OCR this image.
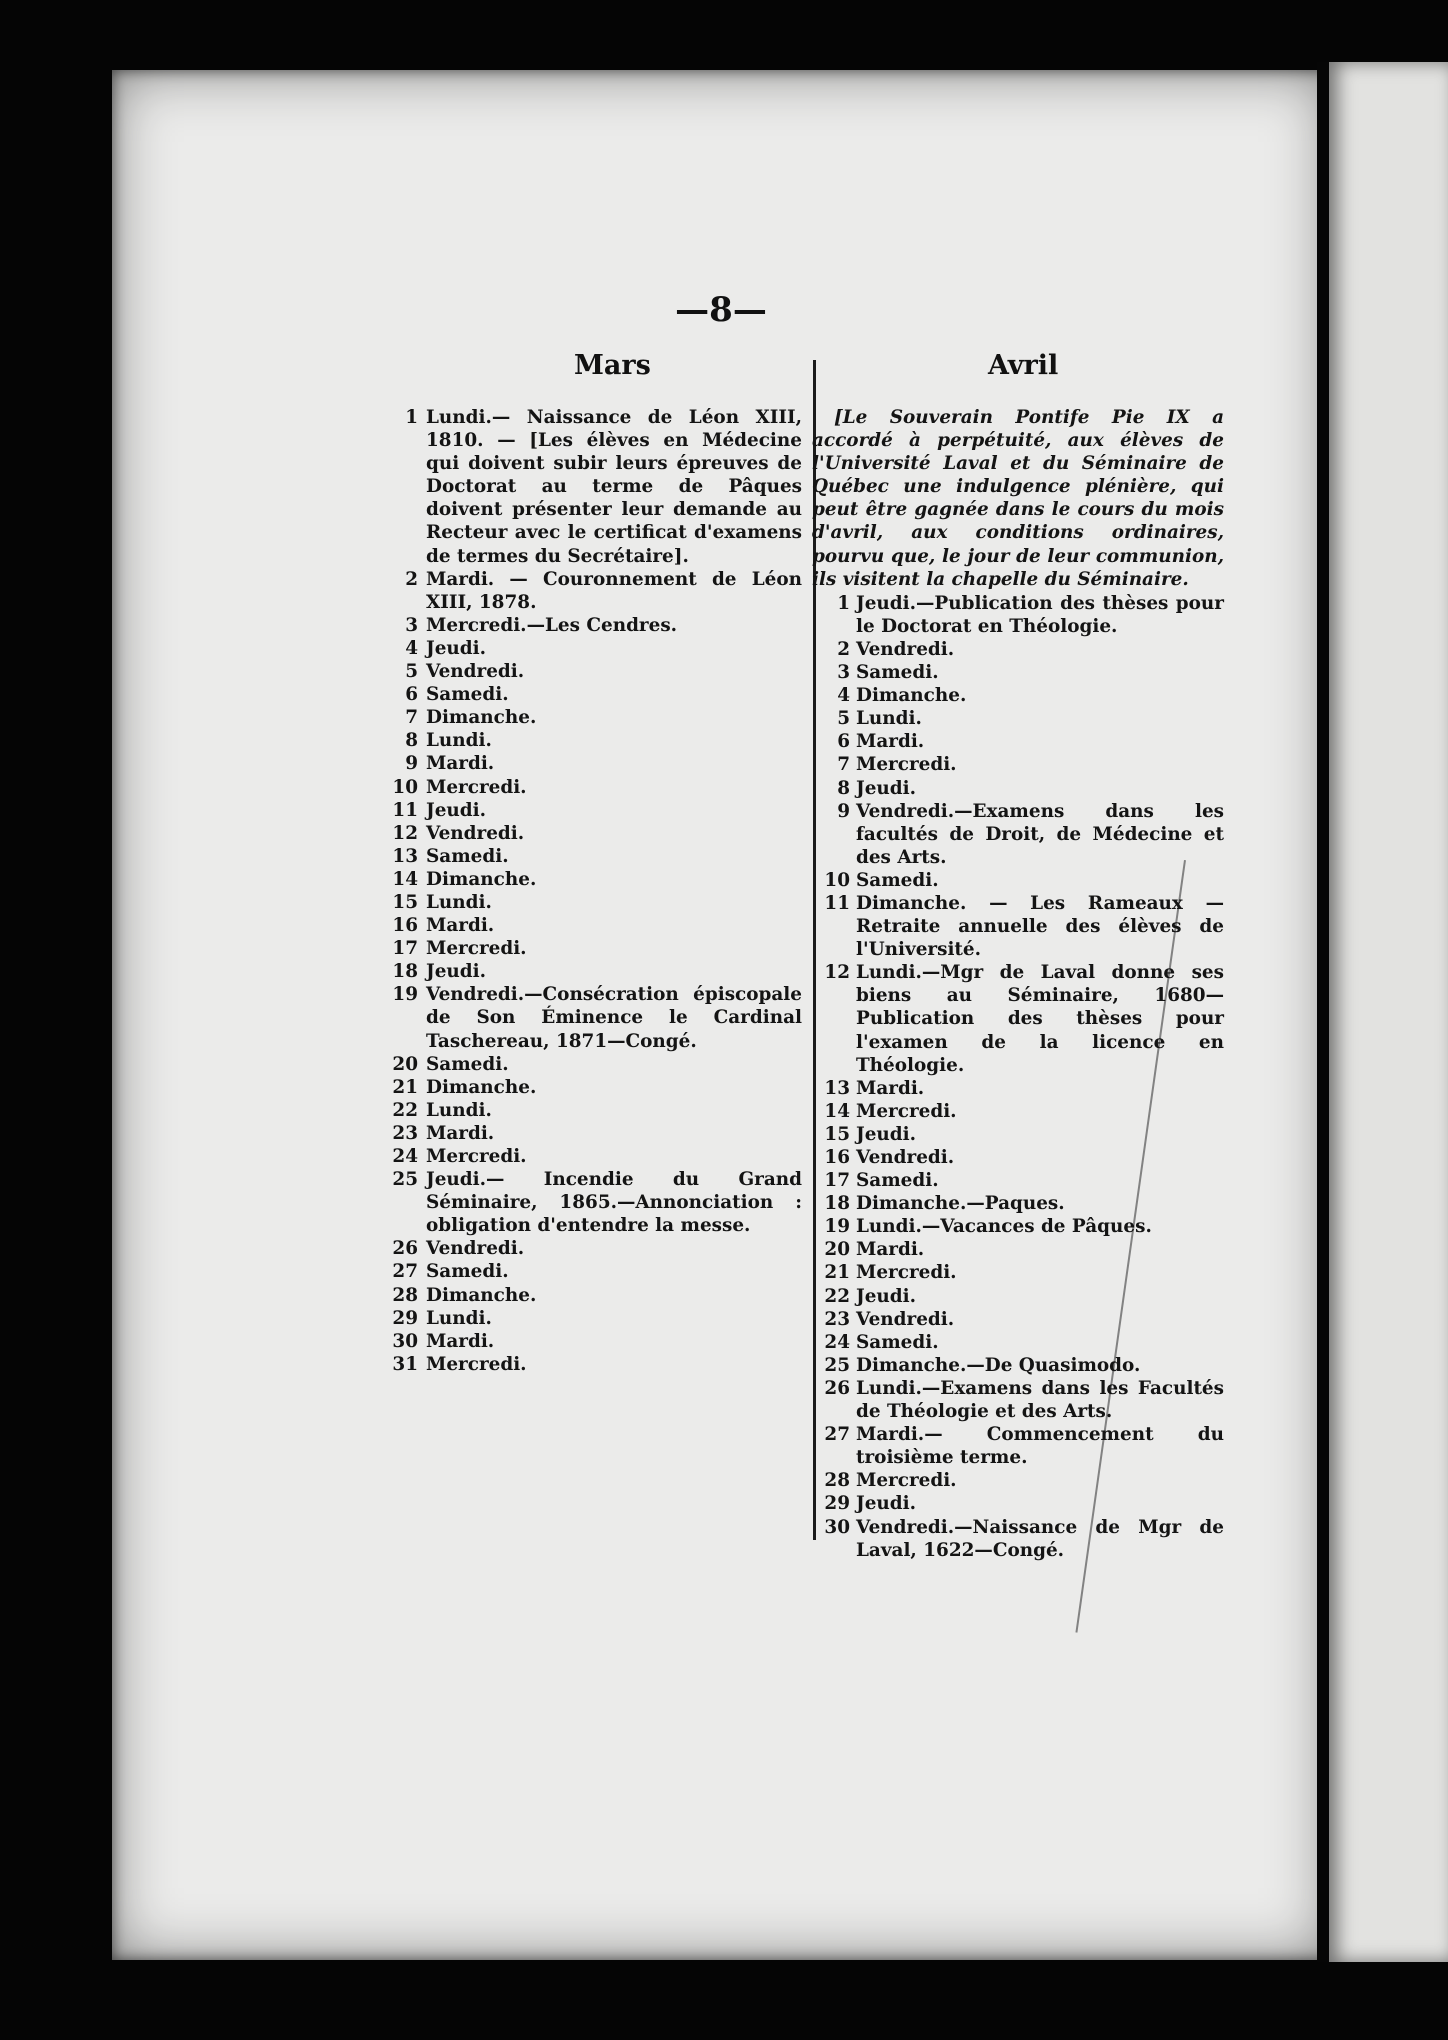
—8—
Mars	Avril
1 Lundi.— Naissance de Léon XIII, 1810. — [Les élèves en Médecine qui doivent subir leurs épreuves de Doctorat au terme de Pâques doivent présenter leur demande au Recteur avec le certificat d'examens de termes du Secrétaire].
2 Mardi. — Couronnement de Léon XIII, 1878.
3 Mercredi.—Les Cendres.
4 Jeudi.
5 Vendredi.
6 Samedi.
7 Dimanche.
8 Lundi.
9 Mardi.
10 Mercredi.
11 Jeudi.
12 Vendredi.
13 Samedi.
14 Dimanche.
15 Lundi.
16 Mardi.
17 Mercredi.
18 Jeudi.
19 Vendredi.—Consécration épiscopale de Son Éminence le Cardinal Taschereau, 1871—Congé.
20 Samedi.
21 Dimanche.
22 Lundi.
23 Mardi.
24 Mercredi.
25 Jeudi.— Incendie du Grand Séminaire, 1865.—Annonciation : obligation d'entendre la messe.
26 Vendredi.
27 Samedi.
28 Dimanche.
29 Lundi.
30 Mardi.
31 Mercredi.
[Le Souverain Pontife Pie IX a accordé à perpétuité, aux élèves de l'Université Laval et du Séminaire de Québec une indulgence plénière, qui peut être gagnée dans le cours du mois d'avril, aux conditions ordinaires, pourvu que, le jour de leur communion, ils visitent la chapelle du Séminaire.
1 Jeudi.—Publication des thèses pour le Doctorat en Théologie.
2 Vendredi.
3 Samedi.
4 Dimanche.
5 Lundi.
6 Mardi.
7 Mercredi.
8 Jeudi.
9 Vendredi.—Examens dans les facultés de Droit, de Médecine et des Arts.
10 Samedi.
11 Dimanche. — Les Rameaux — Retraite annuelle des élèves de l'Université.
12 Lundi.—Mgr de Laval donne ses biens au Séminaire, 1680—Publication des thèses pour l'examen de la licence en Théologie.
13 Mardi.
14 Mercredi.
15 Jeudi.
16 Vendredi.
17 Samedi.
18 Dimanche.—Paques.
19 Lundi.—Vacances de Pâques.
20 Mardi.
21 Mercredi.
22 Jeudi.
23 Vendredi.
24 Samedi.
25 Dimanche.—De Quasimodo.
26 Lundi.—Examens dans les Facultés de Théologie et des Arts.
27 Mardi.— Commencement du troisième terme.
28 Mercredi.
29 Jeudi.
30 Vendredi.—Naissance de Mgr de Laval, 1622—Congé.
